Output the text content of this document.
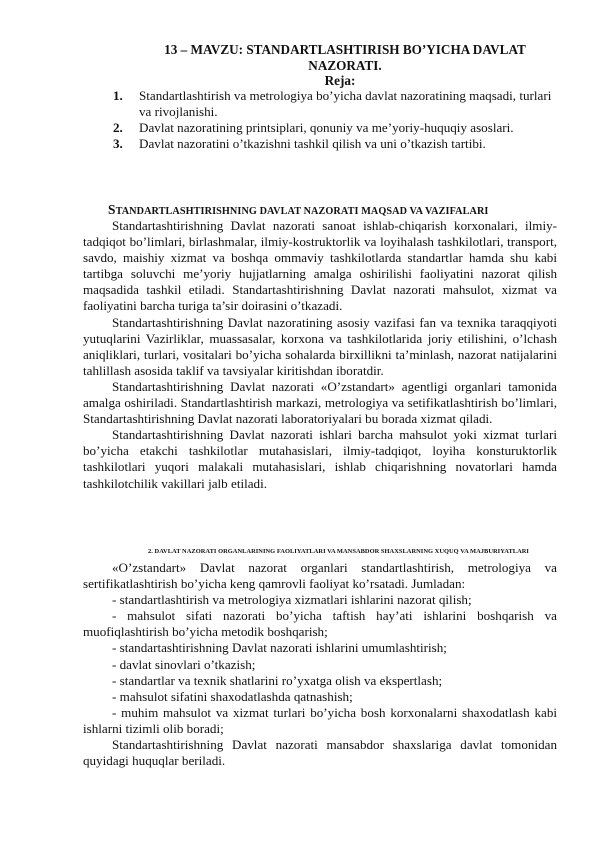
13 – MAVZU: STANDARTLASHTIRISH BO’YICHA DAVLAT
NAZORATI.
Reja:
1. Standartlashtirish va metrologiya bo’yicha davlat nazoratining maqsadi, turlari va rivojlanishi.
2. Davlat nazoratining printsiplari, qonuniy va me’yoriy-huquqiy asoslari.
3. Davlat nazoratini o’tkazishni tashkil qilish va uni o’tkazish tartibi.
STANDARTLASHTIRISHNING DAVLAT NAZORATI MAQSAD VA VAZIFALARI

Standartashtirishning Davlat nazorati sanoat ishlab-chiqarish korxonalari, ilmiy-tadqiqot bo’limlari, birlashmalar, ilmiy-kostruktorlik va loyihalash tashkilotlari, transport, savdo, maishiy xizmat va boshqa ommaviy tashkilotlarda standartlar hamda shu kabi tartibga soluvchi me’yoriy hujjatlarning amalga oshirilishi faoliyatini nazorat qilish maqsadida tashkil etiladi. Standartashtirishning Davlat nazorati mahsulot, xizmat va faoliyatini barcha turiga ta’sir doirasini o’tkazadi.

Standartashtirishning Davlat nazoratining asosiy vazifasi fan va texnika taraqqiyoti yutuqlarini Vazirliklar, muassasalar, korxona va tashkilotlarida joriy etilishini, o’lchash aniqliklari, turlari, vositalari bo’yicha sohalarda birxillikni ta’minlash, nazorat natijalarini tahlillash asosida taklif va tavsiyalar kiritishdan iboratdir.

Standartashtirishning Davlat nazorati «O’zstandart» agentligi organlari tamonida amalga oshiriladi. Standartlashtirish markazi, metrologiya va setifikatlashtirish bo’limlari, Standartashtirishning Davlat nazorati laboratoriyalari bu borada xizmat qiladi.

Standartashtirishning Davlat nazorati ishlari barcha mahsulot yoki xizmat turlari bo’yicha etakchi tashkilotlar mutahasislari, ilmiy-tadqiqot, loyiha konsturuktorlik tashkilotlari yuqori malakali mutahasislari, ishlab chiqarishning novatorlari hamda tashkilotchilik vakillari jalb etiladi.

2. DAVLAT NAZORATI ORGANLARINING FAOLIYATLARI VA MANSABDOR SHAXSLARNING XUQUQ VA MAJBURIYATLARI

«O’zstandart» Davlat nazorat organlari standartlashtirish, metrologiya va sertifikatlashtirish bo’yicha keng qamrovli faoliyat ko’rsatadi. Jumladan:

- standartlashtirish va metrologiya xizmatlari ishlarini nazorat qilish;

- mahsulot sifati nazorati bo’yicha taftish hay’ati ishlarini boshqarish va muofiqlashtirish bo’yicha metodik boshqarish;

- standartashtirishning Davlat nazorati ishlarini umumlashtirish;

- davlat sinovlari o’tkazish;

- standartlar va texnik shatlarini ro’yxatga olish va ekspertlash;

- mahsulot sifatini shaxodatlashda qatnashish;

- muhim mahsulot va xizmat turlari bo’yicha bosh korxonalarni shaxodatlash kabi ishlarni tizimli olib boradi;

Standartashtirishning Davlat nazorati mansabdor shaxslariga davlat tomonidan quyidagi huquqlar beriladi.
